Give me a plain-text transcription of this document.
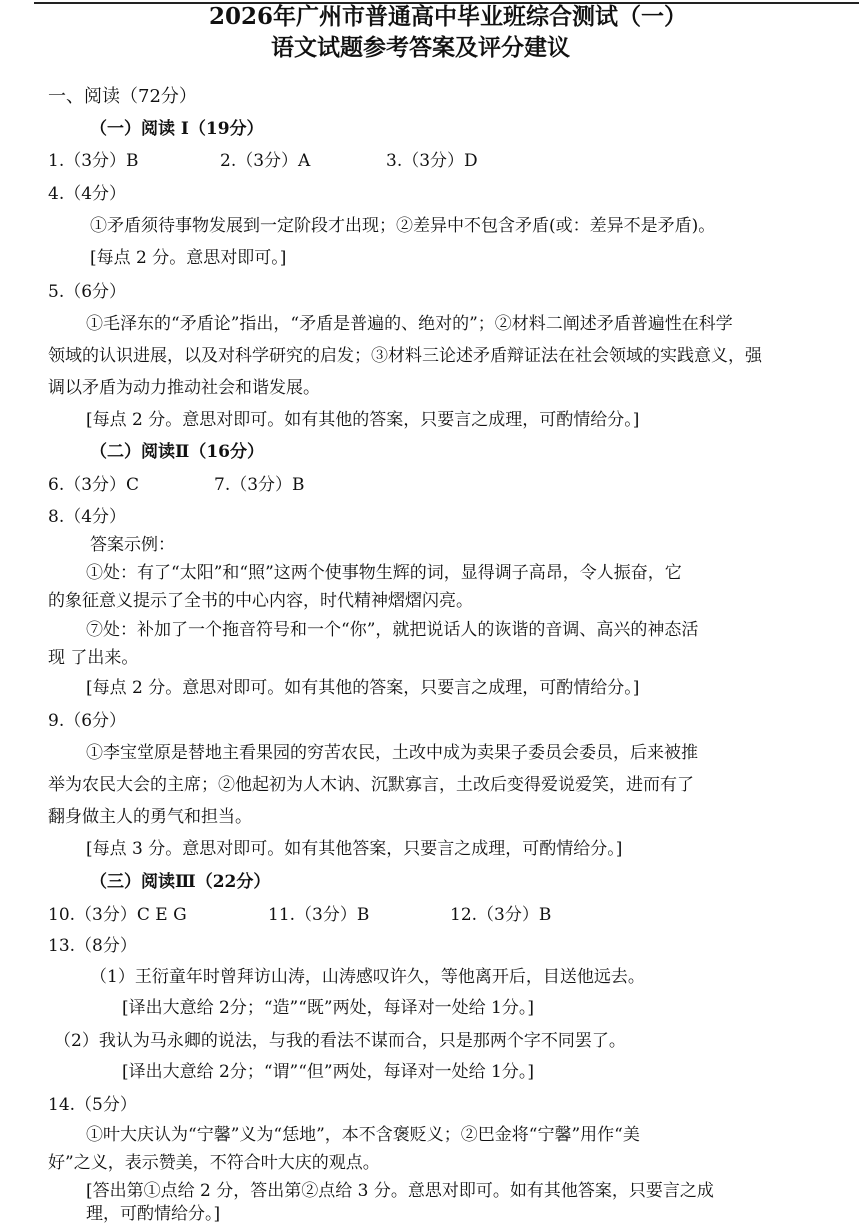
2026年广州市普通高中毕业班综合测试（一）
语文试题参考答案及评分建议
一、阅读（72分）
（一）阅读 I（19分）
1.（3分）B	2.（3分）A	3.（3分）D
4.（4分）
①矛盾须待事物发展到一定阶段才出现；②差异中不包含矛盾(或：差异不是矛盾)。
[每点 2 分。意思对即可。]
5.（6分）
①毛泽东的“矛盾论”指出，“矛盾是普遍的、绝对的”；②材料二阐述矛盾普遍性在科学
领域的认识进展，以及对科学研究的启发；③材料三论述矛盾辩证法在社会领域的实践意义，强
调以矛盾为动力推动社会和谐发展。
[每点 2 分。意思对即可。如有其他的答案，只要言之成理，可酌情给分。]
（二）阅读Ⅱ（16分）
6.（3分）C	7.（3分）B
8.（4分）
答案示例：
①处：有了“太阳”和“照”这两个使事物生辉的词，显得调子高昂，令人振奋，它
的象征意义提示了全书的中心内容，时代精神熠熠闪亮。
⑦处：补加了一个拖音符号和一个“你”，就把说话人的诙谐的音调、高兴的神态活
现 了出来。
[每点 2 分。意思对即可。如有其他的答案，只要言之成理，可酌情给分。]
9.（6分）
①李宝堂原是替地主看果园的穷苦农民，土改中成为卖果子委员会委员，后来被推
举为农民大会的主席；②他起初为人木讷、沉默寡言，土改后变得爱说爱笑，进而有了
翻身做主人的勇气和担当。
[每点 3 分。意思对即可。如有其他答案，只要言之成理，可酌情给分。]
（三）阅读Ⅲ（22分）
10.（3分）C E G	11.（3分）B	12.（3分）B
13.（8分）
（1）王衍童年时曾拜访山涛，山涛感叹许久，等他离开后，目送他远去。
[译出大意给 2分；“造”“既”两处，每译对一处给 1分。]
（2）我认为马永卿的说法，与我的看法不谋而合，只是那两个字不同罢了。
[译出大意给 2分；“谓”“但”两处，每译对一处给 1分。]
14.（5分）
①叶大庆认为“宁馨”义为“恁地”，本不含褒贬义；②巴金将“宁馨”用作“美
好”之义，表示赞美，不符合叶大庆的观点。
[答出第①点给 2 分，答出第②点给 3 分。意思对即可。如有其他答案，只要言之成
理，可酌情给分。]
